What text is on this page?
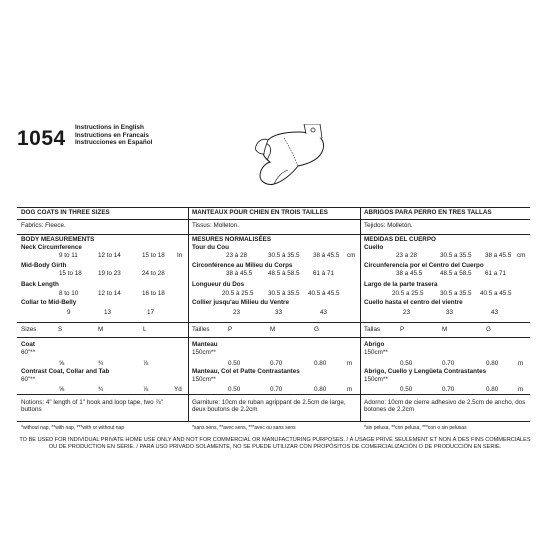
1054 Instructions in English
Instructions en Francais
Instrucciones en Español
DOG COATS IN THREE SIZES
Fabrics: Fleece.
BODY MEASUREMENTS
Neck Circumference
9 to 11	12 to 14	15 to 18 In
Mid-Body Girth
15 to 18	19 to 23	24 to 28
Back Length
8 to 10	12 to 14	16 to 18
Collar to Mid-Belly
9	13	17
Sizes	S	M	L
Coat
60"**
⅝	¾	⅞
Contrast Coat, Collar and Tab
60"**
⅝	¾	⅞	Yd
Notions: 4" length of 1" hook and loop tape, two ⅞" buttons
*without nap, **with nap, ***with or without nap
MANTEAUX POUR CHIEN EN TROIS TAILLES
Tissus: Molleton.
MESURES NORMALISÉES
Tour du Cou
23 à 28	30.5 à 35.5 38 à 45.5 cm
Circonférence au Milieu du Corps
38 à 45.5 48.5 à 58.5 61 à 71
Longueur du Dos
20.5 à 25.5 30.5 à 35.5 40.5 à 45.5
Collier jusqu'au Milieu du Ventre
23	33	43
Tailles	P	M	G
Manteau
150cm**
0.50	0.70	0.80	m
Manteau, Col et Patte Contrastantes
150cm**
0.50	0.70	0.80	m
Garniture: 10cm de ruban agrippant de 2.5cm de large, deux boutons de 2.2cm
*sans sens, **avec sens, ***avec ou sans sens
ABRIGOS PARA PERRO EN TRES TALLAS
Tejidos: Molletón.
MEDIDAS DEL CUERPO
Cuello
23 a 28	30.5 a 35.5 38 a 45.5 cm
Circunferencia por el Centro del Cuerpo
38 a 45.5	48.5 a 58.5 61 a 71
Largo de la parte trasera
20.5 a 25.5	30.5 a 35.5 40.5 a 45.5
Cuello hasta el centro del vientre
23	33	43
Tallas	P	M	G
Abrigo
150cm**
0.50	0.70	0.80	m
Abrigo, Cuello y Lengüeta Contrastantes
150cm**
0.50	0.70	0.80	m
Adorno: 10cm de cierre adhesivo de 2.5cm de ancho, dos botones de 2.2cm
*sin pelusa, **con pelusa, ***con o sin pelusas
TO BE USED FOR INDIVIDUAL PRIVATE HOME USE ONLY AND NOT FOR COMMERCIAL OR MANUFACTURING PURPOSES. / À USAGE PRIVÉ SEULEMENT ET NON À DES FINS COMMERCIALES
OU DE PRODUCTION EN SÉRIE. / PARA USO PRIVADO SOLAMENTE, NO SE PUEDE UTILIZAR CON PROPÓSITOS DE COMERCIALIZACIÓN O DE PRODUCCIÓN EN SERIE.
